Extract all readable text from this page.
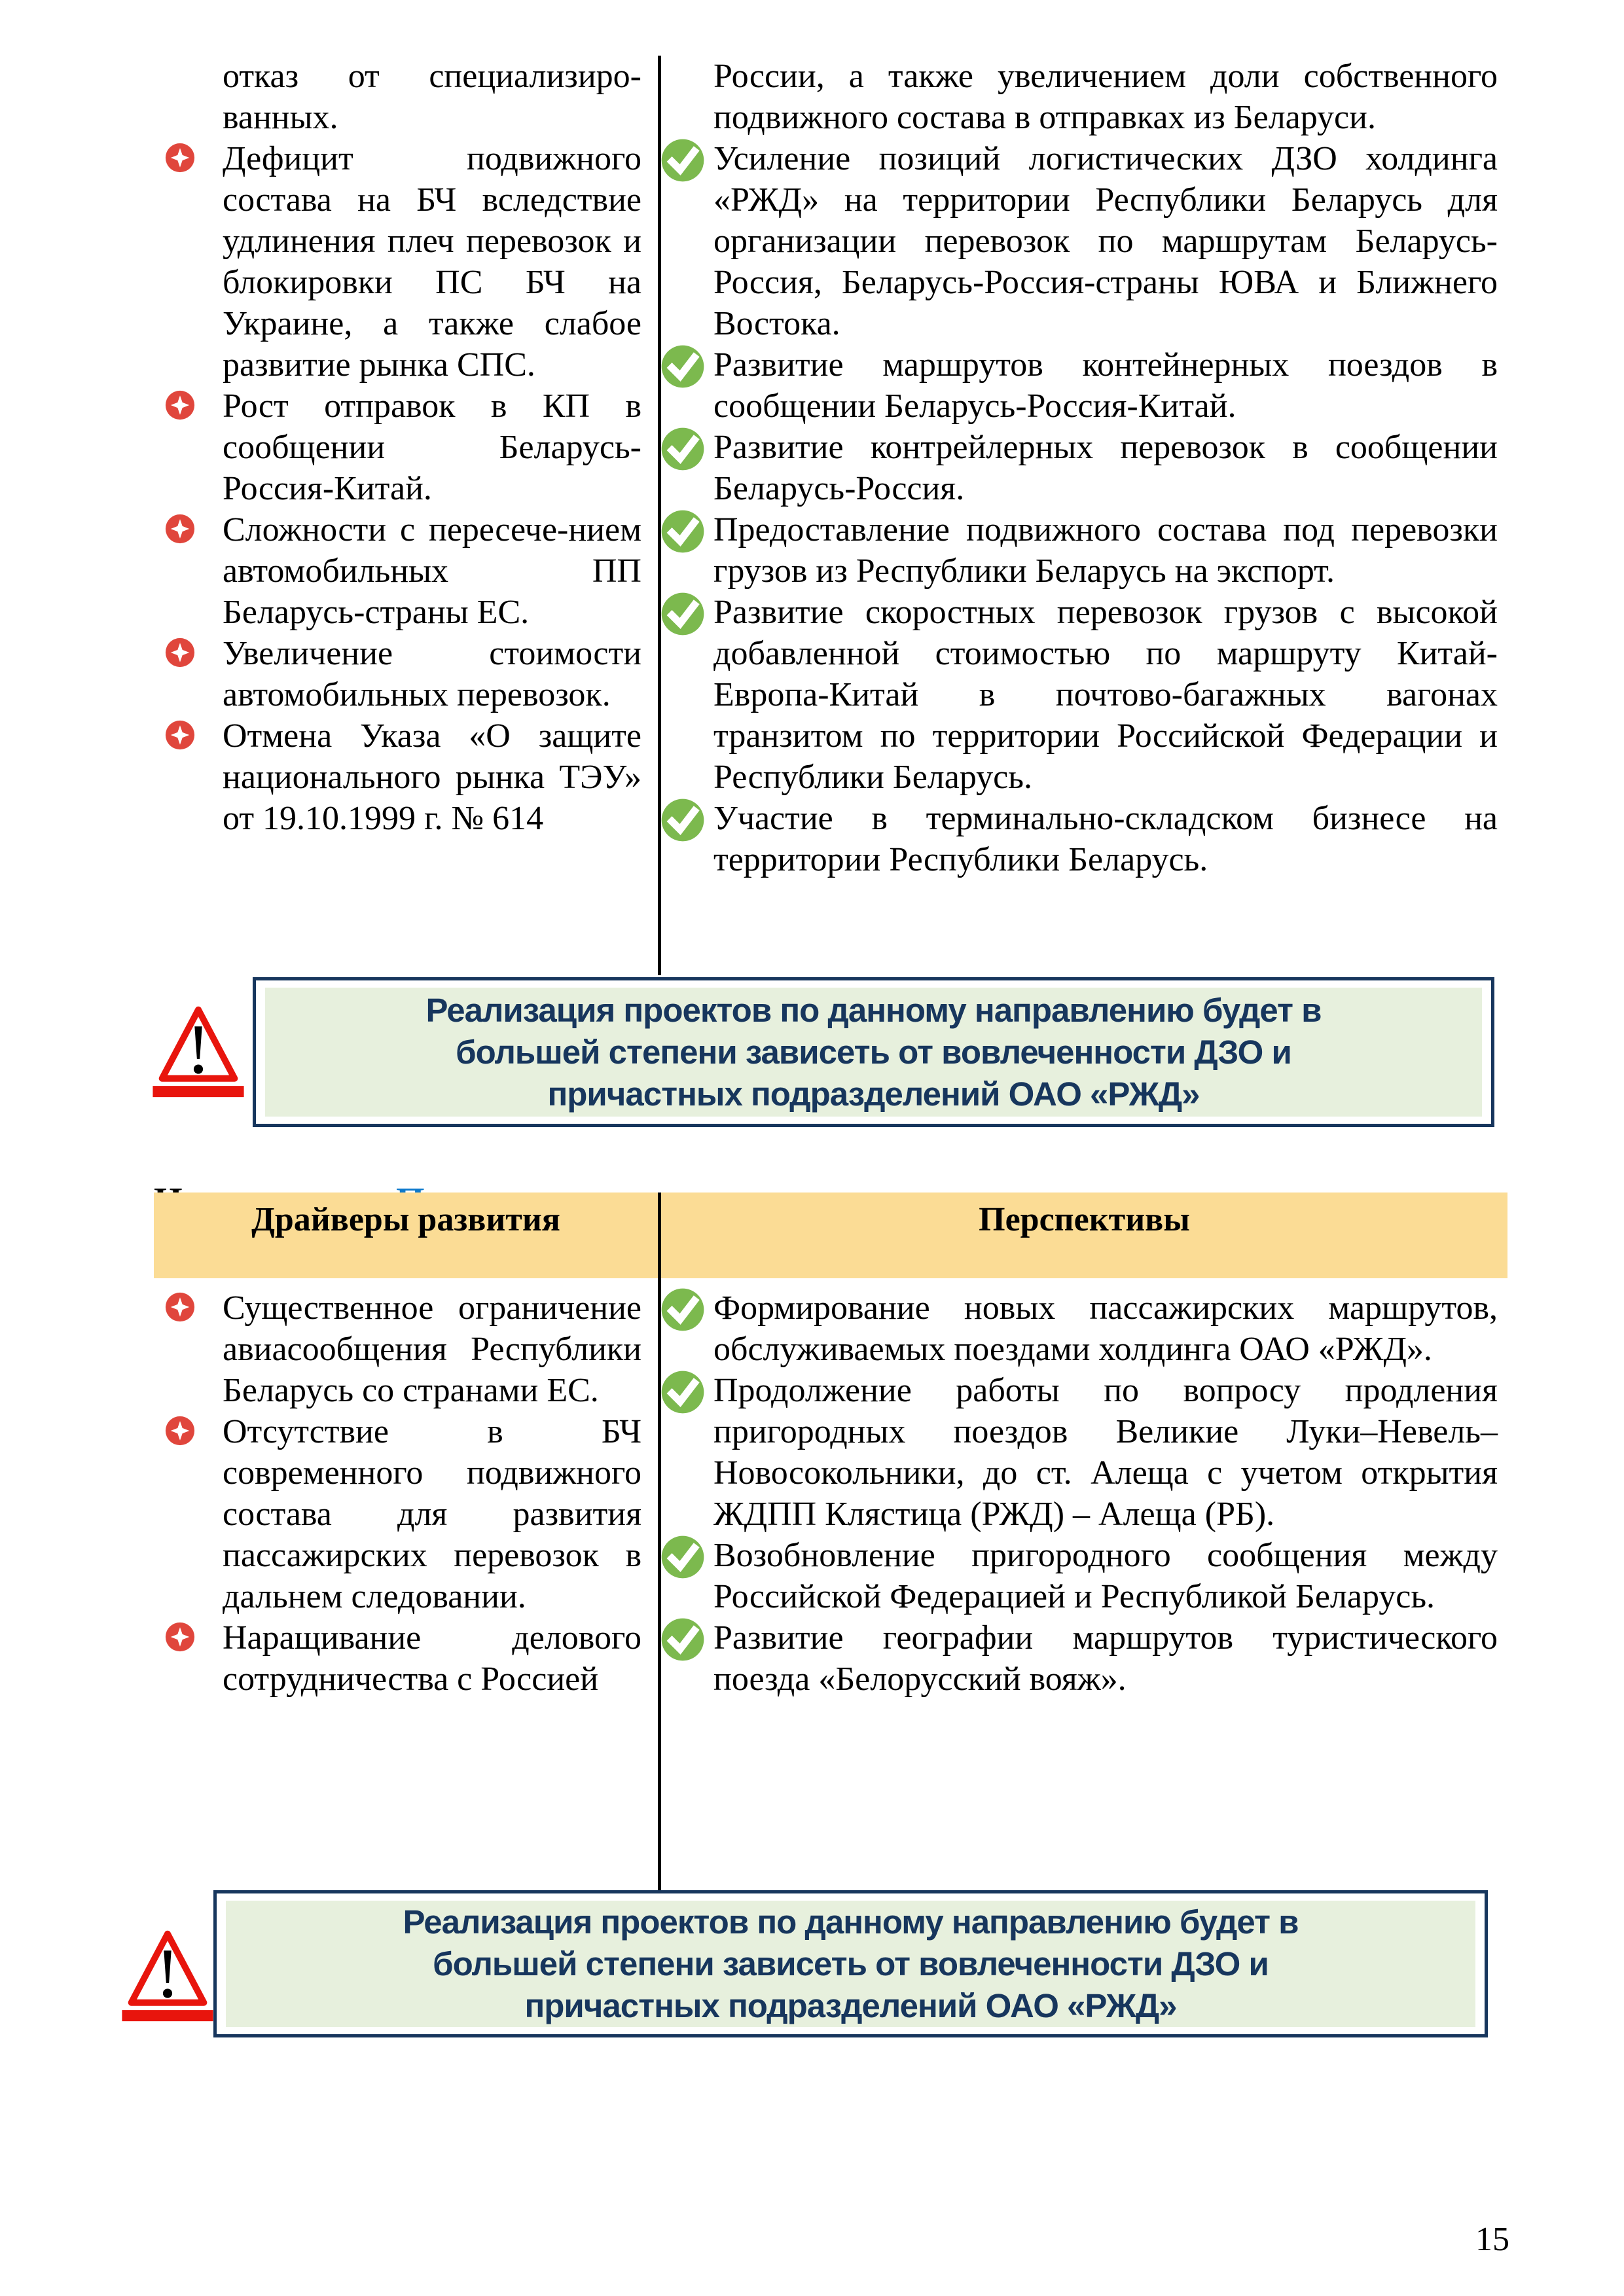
отказ от специализиро-ванных.

Дефицит подвижного состава на БЧ вследствие удлинения плеч перевозок и блокировки ПС БЧ на Украине, а также слабое развитие рынка СПС.

Рост отправок в КП в сообщении Беларусь-Россия-Китай.

Сложности с пересече-нием автомобильных ПП Беларусь-страны ЕС.

Увеличение стоимости автомобильных перевозок.

Отмена Указа «О защите национального рынка ТЭУ» от 19.10.1999 г. № 614

России, а также увеличением доли собственного подвижного состава в отправках из Беларуси.

Усиление позиций логистических ДЗО холдинга «РЖД» на территории Республики Беларусь для организации перевозок по маршрутам Беларусь- Россия, Беларусь-Россия-страны ЮВА и Ближнего Востока.

Развитие маршрутов контейнерных поездов в сообщении Беларусь-Россия-Китай.

Развитие контрейлерных перевозок в сообщении Беларусь-Россия.

Предоставление подвижного состава под перевозки грузов из Республики Беларусь на экспорт.

Развитие скоростных перевозок грузов с высокой добавленной стоимостью по маршруту Китай-Европа-Китай в почтово-багажных вагонах транзитом по территории Российской Федерации и Республики Беларусь.

Участие в терминально-складском бизнесе на территории Республики Беларусь.

Реализация проектов по данному направлению будет в
большей степени зависеть от вовлеченности ДЗО и
причастных подразделений ОАО «РЖД»
Драйверы развития	Перспективы

Существенное ограничение авиасообщения Республики Беларусь со странами ЕС.

Отсутствие в БЧ современного подвижного состава для развития пассажирских перевозок в дальнем следовании.

Наращивание делового сотрудничества с Россией

Формирование новых пассажирских маршрутов, обслуживаемых поездами холдинга ОАО «РЖД».

Продолжение работы по вопросу продления пригородных поездов Великие Луки–Невель–Новосокольники, до ст. Алеща с учетом открытия ЖДПП Клястица (РЖД) – Алеща (РБ).

Возобновление пригородного сообщения между Российской Федерацией и Республикой Беларусь.

Развитие географии маршрутов туристического поезда «Белорусский вояж».

Реализация проектов по данному направлению будет в
большей степени зависеть от вовлеченности ДЗО и
причастных подразделений ОАО «РЖД»
15
